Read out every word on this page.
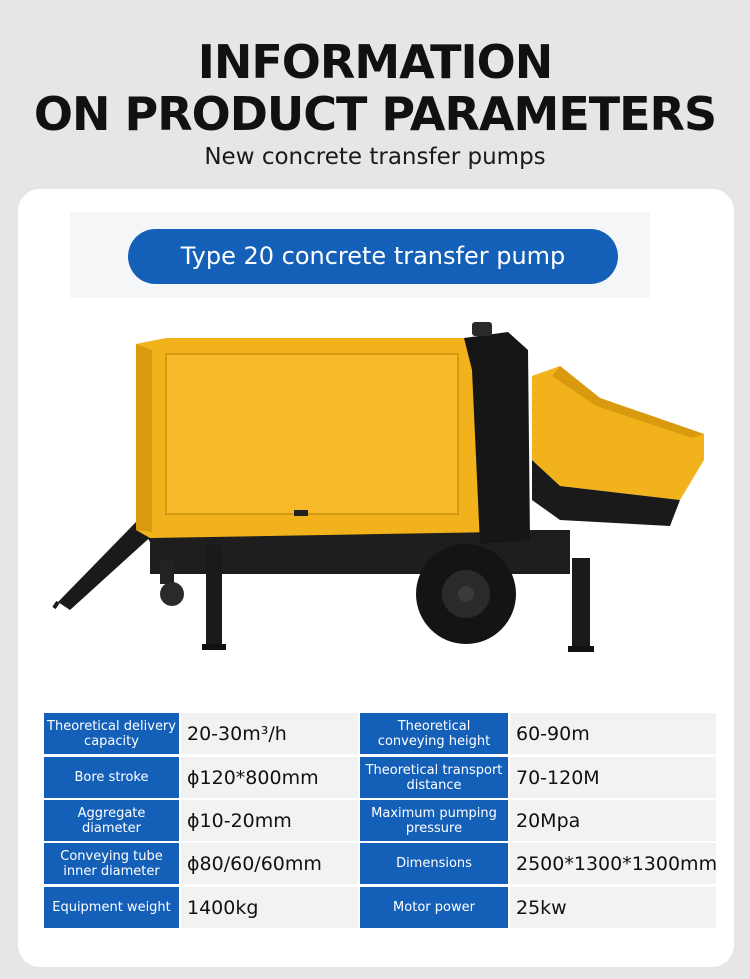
INFORMATION
ON PRODUCT PARAMETERS
New concrete transfer pumps
Type 20 concrete transfer pump
Theoretical delivery capacity	20-30m³/h	Theoretical conveying height	60-90m
Bore stroke	ϕ120*800mm	Theoretical transport distance	70-120M
Aggregate diameter	ϕ10-20mm	Maximum pumping pressure	20Mpa
Conveying tube inner diameter	ϕ80/60/60mm	Dimensions	2500*1300*1300mm
Equipment weight 1400kg	Motor power	25kw
